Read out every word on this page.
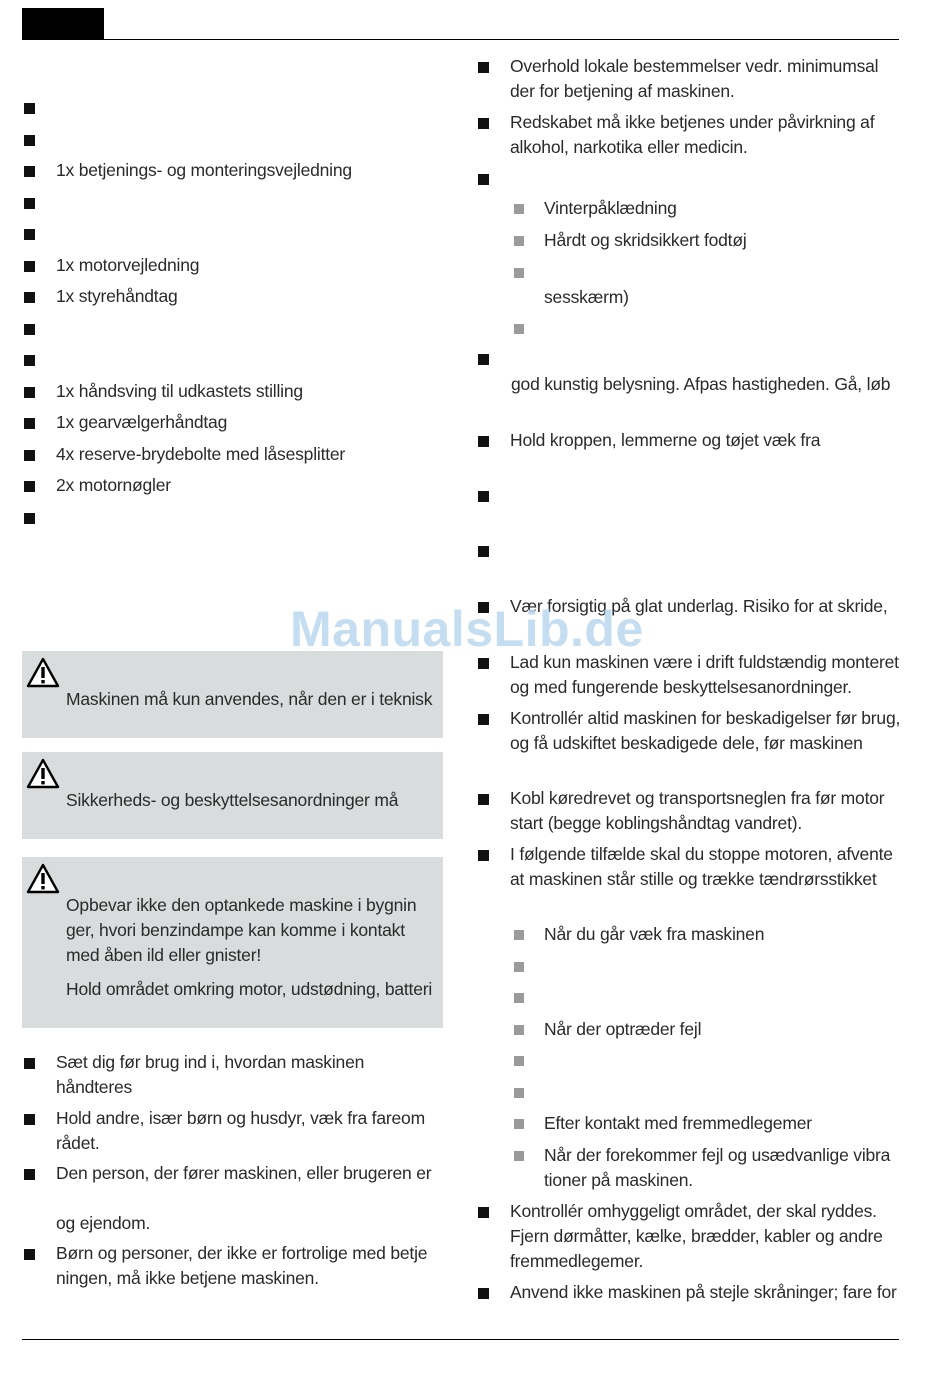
1x betjenings- og monteringsvejledning
1x motorvejledning
1x styrehåndtag
1x håndsving til udkastets stilling
1x gearvælgerhåndtag
4x reserve-brydebolte med låsesplitter
2x motornøgler
Maskinen må kun anvendes, når den er i teknisk
Sikkerheds- og beskyttelsesanordninger må
Opbevar ikke den optankede maskine i bygnin
ger, hvori benzindampe kan komme i kontakt
med åben ild eller gnister!
Hold området omkring motor, udstødning, batteri
Sæt dig før brug ind i, hvordan maskinen håndteres
Hold andre, især børn og husdyr, væk fra fareom
rådet.
Den person, der fører maskinen, eller brugeren er
og ejendom.
Børn og personer, der ikke er fortrolige med betje
ningen, må ikke betjene maskinen.
Overhold lokale bestemmelser vedr. minimumsal
der for betjening af maskinen.
Redskabet må ikke betjenes under påvirkning af
alkohol, narkotika eller medicin.
Vinterpåklædning
Hårdt og skridsikkert fodtøj
sesskærm)
Hold kroppen, lemmerne og tøjet væk fra
Vær forsigtig på glat underlag. Risiko for at skride,
Lad kun maskinen være i drift fuldstændig monteret
og med fungerende beskyttelsesanordninger.
Kontrollér altid maskinen for beskadigelser før brug,
og få udskiftet beskadigede dele, før maskinen
Kobl køredrevet og transportsneglen fra før motor
start (begge koblingshåndtag vandret).
I følgende tilfælde skal du stoppe motoren, afvente
at maskinen står stille og trække tændrørsstikket
Når du går væk fra maskinen
Når der optræder fejl
Efter kontakt med fremmedlegemer
Når der forekommer fejl og usædvanlige vibra
tioner på maskinen.
Kontrollér omhyggeligt området, der skal ryddes.
Fjern dørmåtter, kælke, brædder, kabler og andre
fremmedlegemer.
Anvend ikke maskinen på stejle skråninger; fare for
god kunstig belysning. Afpas hastigheden. Gå, løb
ManualsLib.de
